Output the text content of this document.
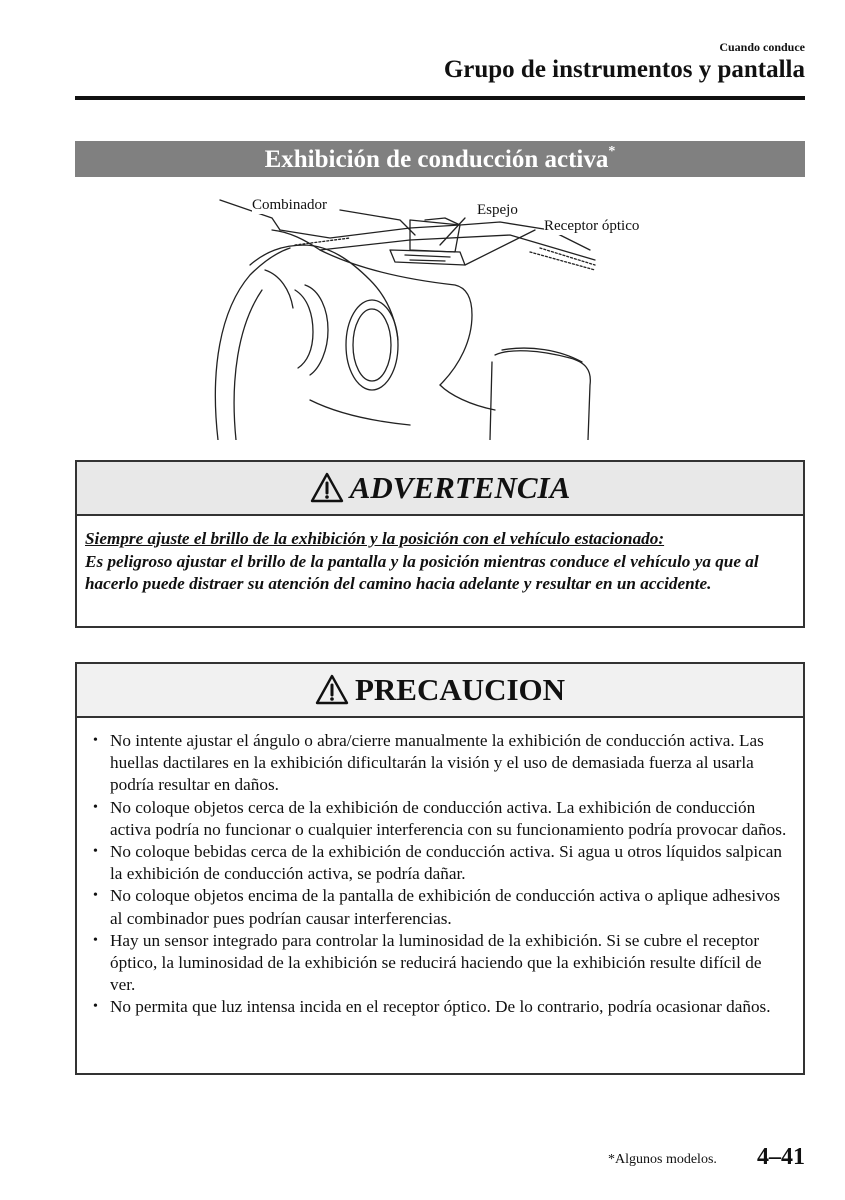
Cuando conduce
Grupo de instrumentos y pantalla
Exhibición de conducción activa*
Combinador	Espejo
Receptor óptico
ADVERTENCIA
Siempre ajuste el brillo de la exhibición y la posición con el vehículo estacionado:
Es peligroso ajustar el brillo de la pantalla y la posición mientras conduce el vehículo ya que al hacerlo puede distraer su atención del camino hacia adelante y resultar en un accidente.
PRECAUCION
• No intente ajustar el ángulo o abra/cierre manualmente la exhibición de conducción activa. Las huellas dactilares en la exhibición dificultarán la visión y el uso de demasiada fuerza al usarla podría resultar en daños.
• No coloque objetos cerca de la exhibición de conducción activa. La exhibición de conducción activa podría no funcionar o cualquier interferencia con su funcionamiento podría provocar daños.
• No coloque bebidas cerca de la exhibición de conducción activa. Si agua u otros líquidos salpican la exhibición de conducción activa, se podría dañar.
• No coloque objetos encima de la pantalla de exhibición de conducción activa o aplique adhesivos al combinador pues podrían causar interferencias.
• Hay un sensor integrado para controlar la luminosidad de la exhibición. Si se cubre el receptor óptico, la luminosidad de la exhibición se reducirá haciendo que la exhibición resulte difícil de ver.
• No permita que luz intensa incida en el receptor óptico. De lo contrario, podría ocasionar daños.
*Algunos modelos. 4–41
